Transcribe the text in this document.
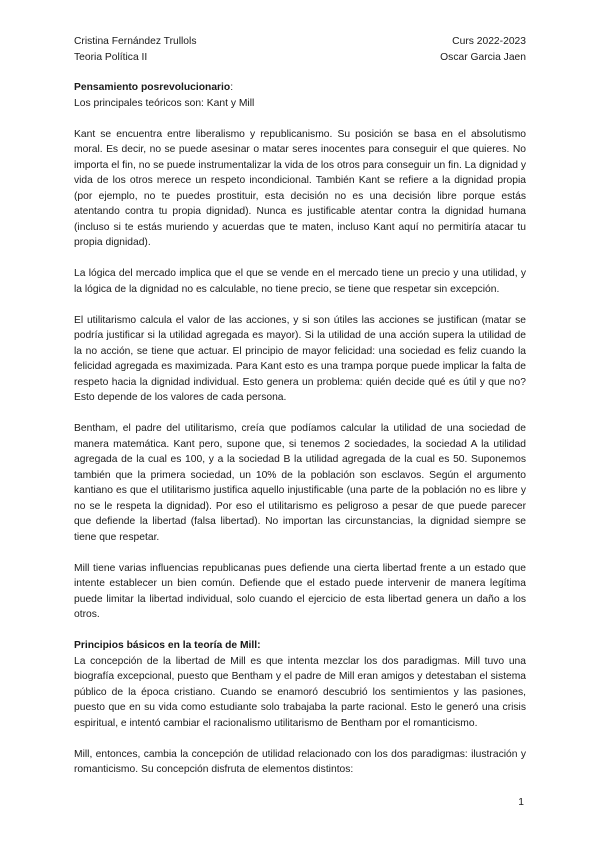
Cristina Fernández Trullols	Curs 2022-2023
Teoria Política II	Oscar Garcia Jaen

Pensamiento posrevolucionario:

Los principales teóricos son: Kant y Mill

Kant se encuentra entre liberalismo y republicanismo. Su posición se basa en el absolutismo moral. Es decir, no se puede asesinar o matar seres inocentes para conseguir el que quieres. No importa el fin, no se puede instrumentalizar la vida de los otros para conseguir un fin. La dignidad y vida de los otros merece un respeto incondicional. También Kant se refiere a la dignidad propia (por ejemplo, no te puedes prostituir, esta decisión no es una decisión libre porque estás atentando contra tu propia dignidad). Nunca es justificable atentar contra la dignidad humana (incluso si te estás muriendo y acuerdas que te maten, incluso Kant aquí no permitiría atacar tu propia dignidad).

La lógica del mercado implica que el que se vende en el mercado tiene un precio y una utilidad, y la lógica de la dignidad no es calculable, no tiene precio, se tiene que respetar sin excepción.

El utilitarismo calcula el valor de las acciones, y si son útiles las acciones se justifican (matar se podría justificar si la utilidad agregada es mayor). Si la utilidad de una acción supera la utilidad de la no acción, se tiene que actuar. El principio de mayor felicidad: una sociedad es feliz cuando la felicidad agregada es maximizada. Para Kant esto es una trampa porque puede implicar la falta de respeto hacia la dignidad individual. Esto genera un problema: quién decide qué es útil y que no? Esto depende de los valores de cada persona.

Bentham, el padre del utilitarismo, creía que podíamos calcular la utilidad de una sociedad de manera matemática. Kant pero, supone que, si tenemos 2 sociedades, la sociedad A la utilidad agregada de la cual es 100, y a la sociedad B la utilidad agregada de la cual es 50. Suponemos también que la primera sociedad, un 10% de la población son esclavos. Según el argumento kantiano es que el utilitarismo justifica aquello injustificable (una parte de la población no es libre y no se le respeta la dignidad). Por eso el utilitarismo es peligroso a pesar de que puede parecer que defiende la libertad (falsa libertad). No importan las circunstancias, la dignidad siempre se tiene que respetar.

Mill tiene varias influencias republicanas pues defiende una cierta libertad frente a un estado que intente establecer un bien común. Defiende que el estado puede intervenir de manera legítima puede limitar la libertad individual, solo cuando el ejercicio de esta libertad genera un daño a los otros.

Principios básicos en la teoría de Mill:

La concepción de la libertad de Mill es que intenta mezclar los dos paradigmas. Mill tuvo una biografía excepcional, puesto que Bentham y el padre de Mill eran amigos y detestaban el sistema público de la época cristiano. Cuando se enamoró descubrió los sentimientos y las pasiones, puesto que en su vida como estudiante solo trabajaba la parte racional. Esto le generó una crisis espiritual, e intentó cambiar el racionalismo utilitarismo de Bentham por el romanticismo.

Mill, entonces, cambia la concepción de utilidad relacionado con los dos paradigmas: ilustración y romanticismo. Su concepción disfruta de elementos distintos:

1
